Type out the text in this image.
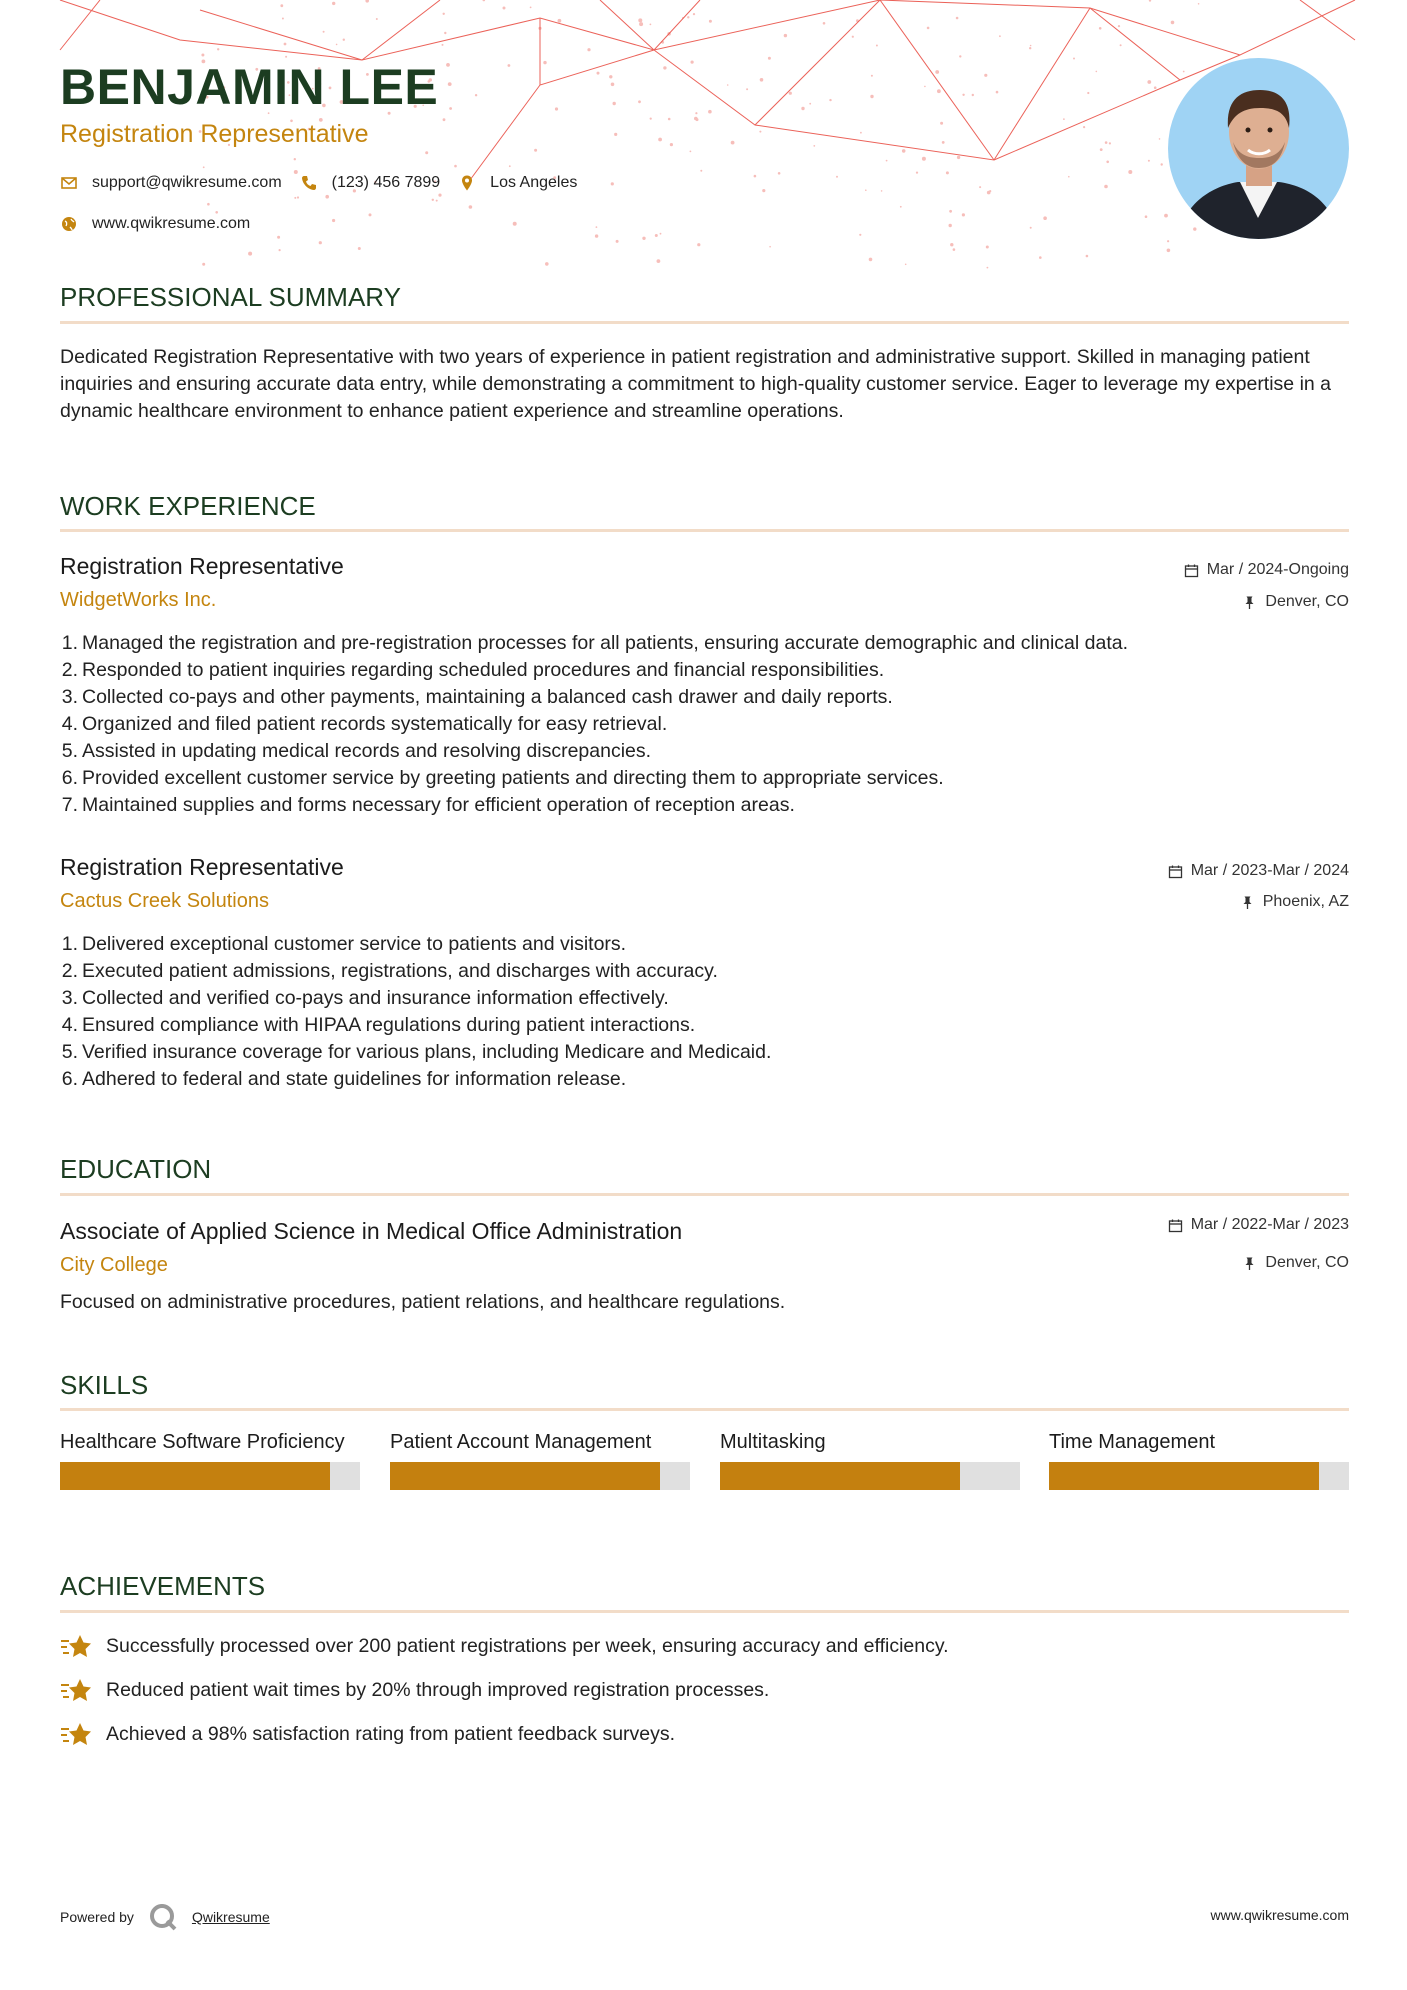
BENJAMIN LEE
Registration Representative
support@qwikresume.com	(123) 456 7899	Los Angeles
www.qwikresume.com
PROFESSIONAL SUMMARY
Dedicated Registration Representative with two years of experience in patient registration and administrative support. Skilled in managing patient inquiries and ensuring accurate data entry, while demonstrating a commitment to high-quality customer service. Eager to leverage my expertise in a dynamic healthcare environment to enhance patient experience and streamline operations.
WORK EXPERIENCE
Registration Representative
WidgetWorks Inc.
Mar / 2024-Ongoing
Denver, CO
1. Managed the registration and pre-registration processes for all patients, ensuring accurate demographic and clinical data.
2. Responded to patient inquiries regarding scheduled procedures and financial responsibilities.
3. Collected co-pays and other payments, maintaining a balanced cash drawer and daily reports.
4. Organized and filed patient records systematically for easy retrieval.
5. Assisted in updating medical records and resolving discrepancies.
6. Provided excellent customer service by greeting patients and directing them to appropriate services.
7. Maintained supplies and forms necessary for efficient operation of reception areas.
Registration Representative
Cactus Creek Solutions
Mar / 2023-Mar / 2024
Phoenix, AZ
1. Delivered exceptional customer service to patients and visitors.
2. Executed patient admissions, registrations, and discharges with accuracy.
3. Collected and verified co-pays and insurance information effectively.
4. Ensured compliance with HIPAA regulations during patient interactions.
5. Verified insurance coverage for various plans, including Medicare and Medicaid.
6. Adhered to federal and state guidelines for information release.
EDUCATION
Associate of Applied Science in Medical Office Administration
City College
Mar / 2022-Mar / 2023
Denver, CO
Focused on administrative procedures, patient relations, and healthcare regulations.
SKILLS
Healthcare Software Proficiency	Patient Account Management	Multitasking	Time Management
ACHIEVEMENTS
Successfully processed over 200 patient registrations per week, ensuring accuracy and efficiency.
Reduced patient wait times by 20% through improved registration processes.
Achieved a 98% satisfaction rating from patient feedback surveys.
Powered by	Qwikresume	www.qwikresume.com
